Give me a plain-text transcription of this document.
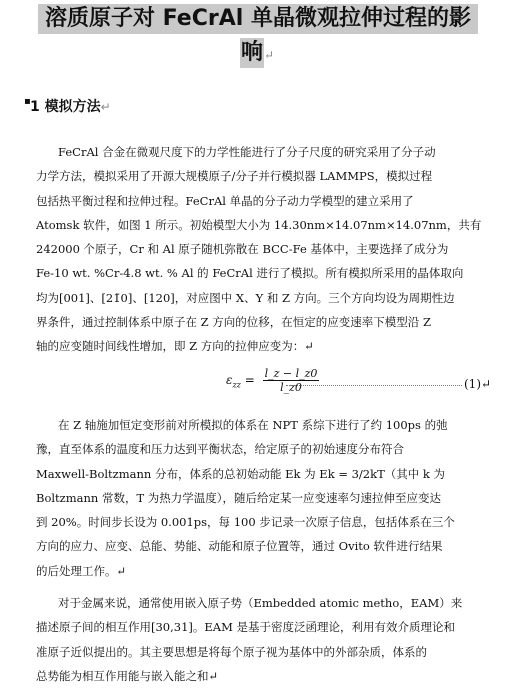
溶质原子对 FeCrAl 单晶微观拉伸过程的影
响↵
▪ 1 模拟方法↵
FeCrAl 合金在微观尺度下的力学性能进行了分子尺度的研究采用了分子动
力学方法，模拟采用了开源大规模原子/分子并行模拟器 LAMMPS，模拟过程
包括热平衡过程和拉伸过程。FeCrAl 单晶的分子动力学模型的建立采用了
Atomsk 软件，如图 1 所示。初始模型大小为 14.30nm×14.07nm×14.07nm，共有
242000 个原子，Cr 和 Al 原子随机弥散在 BCC-Fe 基体中，主要选择了成分为
Fe-10 wt. %Cr-4.8 wt. % Al 的 FeCrAl 进行了模拟。所有模拟所采用的晶体取向
均为[001]、[21̄0]、[120]，对应图中 X、Y 和 Z 方向。三个方向均设为周期性边
界条件，通过控制体系中原子在 Z 方向的位移，在恒定的应变速率下模型沿 Z
轴的应变随时间线性增加，即 Z 方向的拉伸应变为：↵
$\varepsilon_{zz} = \frac{l\_z - l\_z0}{l\_z0}$	(1)↵
在 Z 轴施加恒定变形前对所模拟的体系在 NPT 系综下进行了约 100ps 的弛
豫，直至体系的温度和压力达到平衡状态，给定原子的初始速度分布符合
Maxwell-Boltzmann 分布，体系的总初始动能 Ek 为 Ek = 3/2kT（其中 k 为
Boltzmann 常数，T 为热力学温度），随后给定某一应变速率匀速拉伸至应变达
到 20%。时间步长设为 0.001ps，每 100 步记录一次原子信息，包括体系在三个
方向的应力、应变、总能、势能、动能和原子位置等，通过 Ovito 软件进行结果
的后处理工作。↵
对于金属来说，通常使用嵌入原子势（Embedded atomic metho，EAM）来
描述原子间的相互作用[30,31]。EAM 是基于密度泛函理论，利用有效介质理论和
准原子近似提出的。其主要思想是将每个原子视为基体中的外部杂质，体系的
总势能为相互作用能与嵌入能之和↵
